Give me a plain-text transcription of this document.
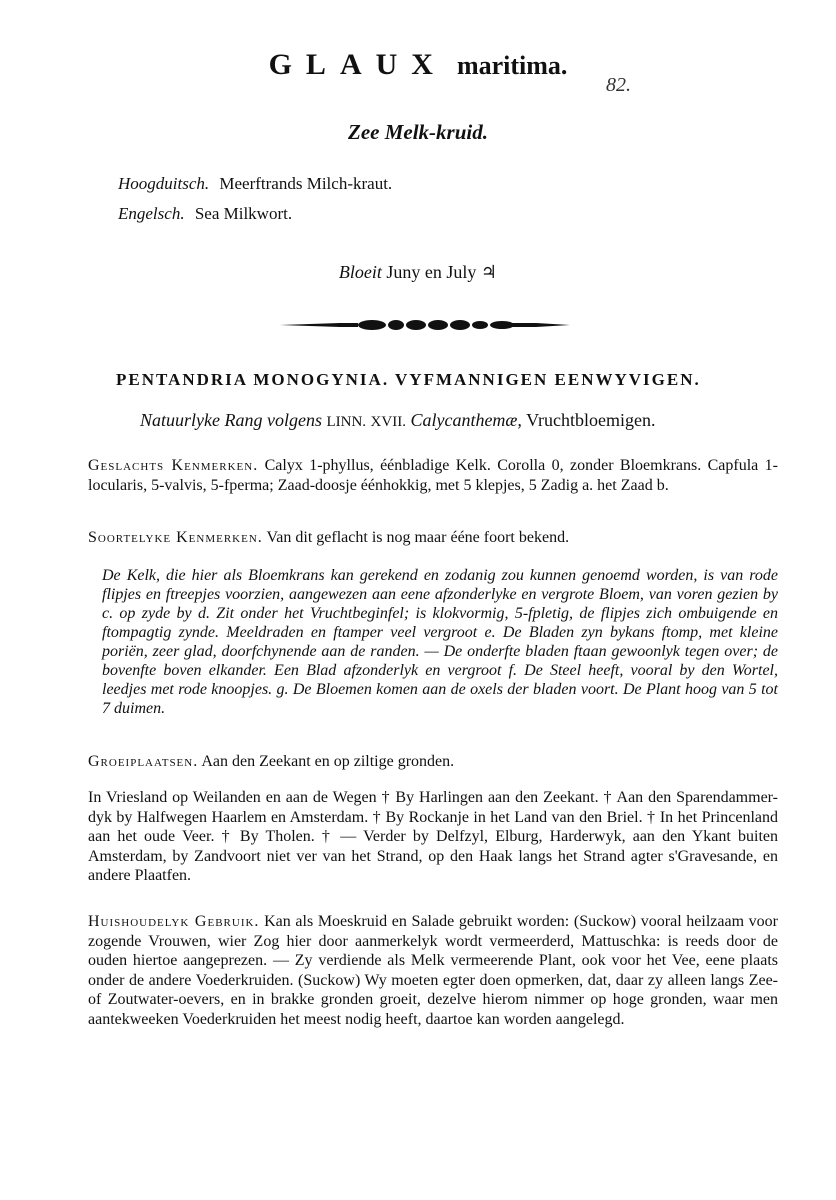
GLAUX maritima.
82.
Zee Melk-kruid.
Hoogduitsch. Meerftrands Milch-kraut.
Engelsch. Sea Milkwort.
Bloeit Juny en July ♃
PENTANDRIA MONOGYNIA. VYFMANNIGEN EENWYVIGEN.
Natuurlyke Rang volgens LINN. XVII. Calycanthemæ, Vruchtbloemigen.
Geslachts Kenmerken. Calyx 1-phyllus, éénbladige Kelk. Corolla 0, zonder Bloemkrans. Capfula 1-locularis, 5-valvis, 5-fperma; Zaad-doosje éénhokkig, met 5 klepjes, 5 Zadig a. het Zaad b.
Soortelyke Kenmerken. Van dit geflacht is nog maar ééne foort bekend.
De Kelk, die hier als Bloemkrans kan gerekend en zodanig zou kunnen genoemd worden, is van rode flipjes en ftreepjes voorzien, aangewezen aan eene afzonderlyke en vergrote Bloem, van voren gezien by c. op zyde by d. Zit onder het Vruchtbeginfel; is klokvormig, 5-fpletig, de flipjes zich ombuigende en ftompagtig zynde. Meeldraden en ftamper veel vergroot e. De Bladen zyn bykans ftomp, met kleine poriën, zeer glad, doorfchynende aan de randen. — De onderfte bladen ftaan gewoonlyk tegen over; de bovenfte boven elkander. Een Blad afzonderlyk en vergroot f. De Steel heeft, vooral by den Wortel, leedjes met rode knoopjes. g. De Bloemen komen aan de oxels der bladen voort. De Plant hoog van 5 tot 7 duimen.
Groeiplaatsen. Aan den Zeekant en op ziltige gronden.
In Vriesland op Weilanden en aan de Wegen † By Harlingen aan den Zeekant. † Aan den Sparendammer-dyk by Halfwegen Haarlem en Amsterdam. † By Rockanje in het Land van den Briel. † In het Princenland aan het oude Veer. † By Tholen. † — Verder by Delfzyl, Elburg, Harderwyk, aan den Ykant buiten Amsterdam, by Zandvoort niet ver van het Strand, op den Haak langs het Strand agter s'Gravesande, en andere Plaatfen.
Huishoudelyk Gebruik. Kan als Moeskruid en Salade gebruikt worden: (Suckow) vooral heilzaam voor zogende Vrouwen, wier Zog hier door aanmerkelyk wordt vermeerderd, Mattuschka: is reeds door de ouden hiertoe aangeprezen. — Zy verdiende als Melk vermeerende Plant, ook voor het Vee, eene plaats onder de andere Voederkruiden. (Suckow) Wy moeten egter doen opmerken, dat, daar zy alleen langs Zee- of Zoutwater-oevers, en in brakke gronden groeit, dezelve hierom nimmer op hoge gronden, waar men aantekweeken Voederkruiden het meest nodig heeft, daartoe kan worden aangelegd.
